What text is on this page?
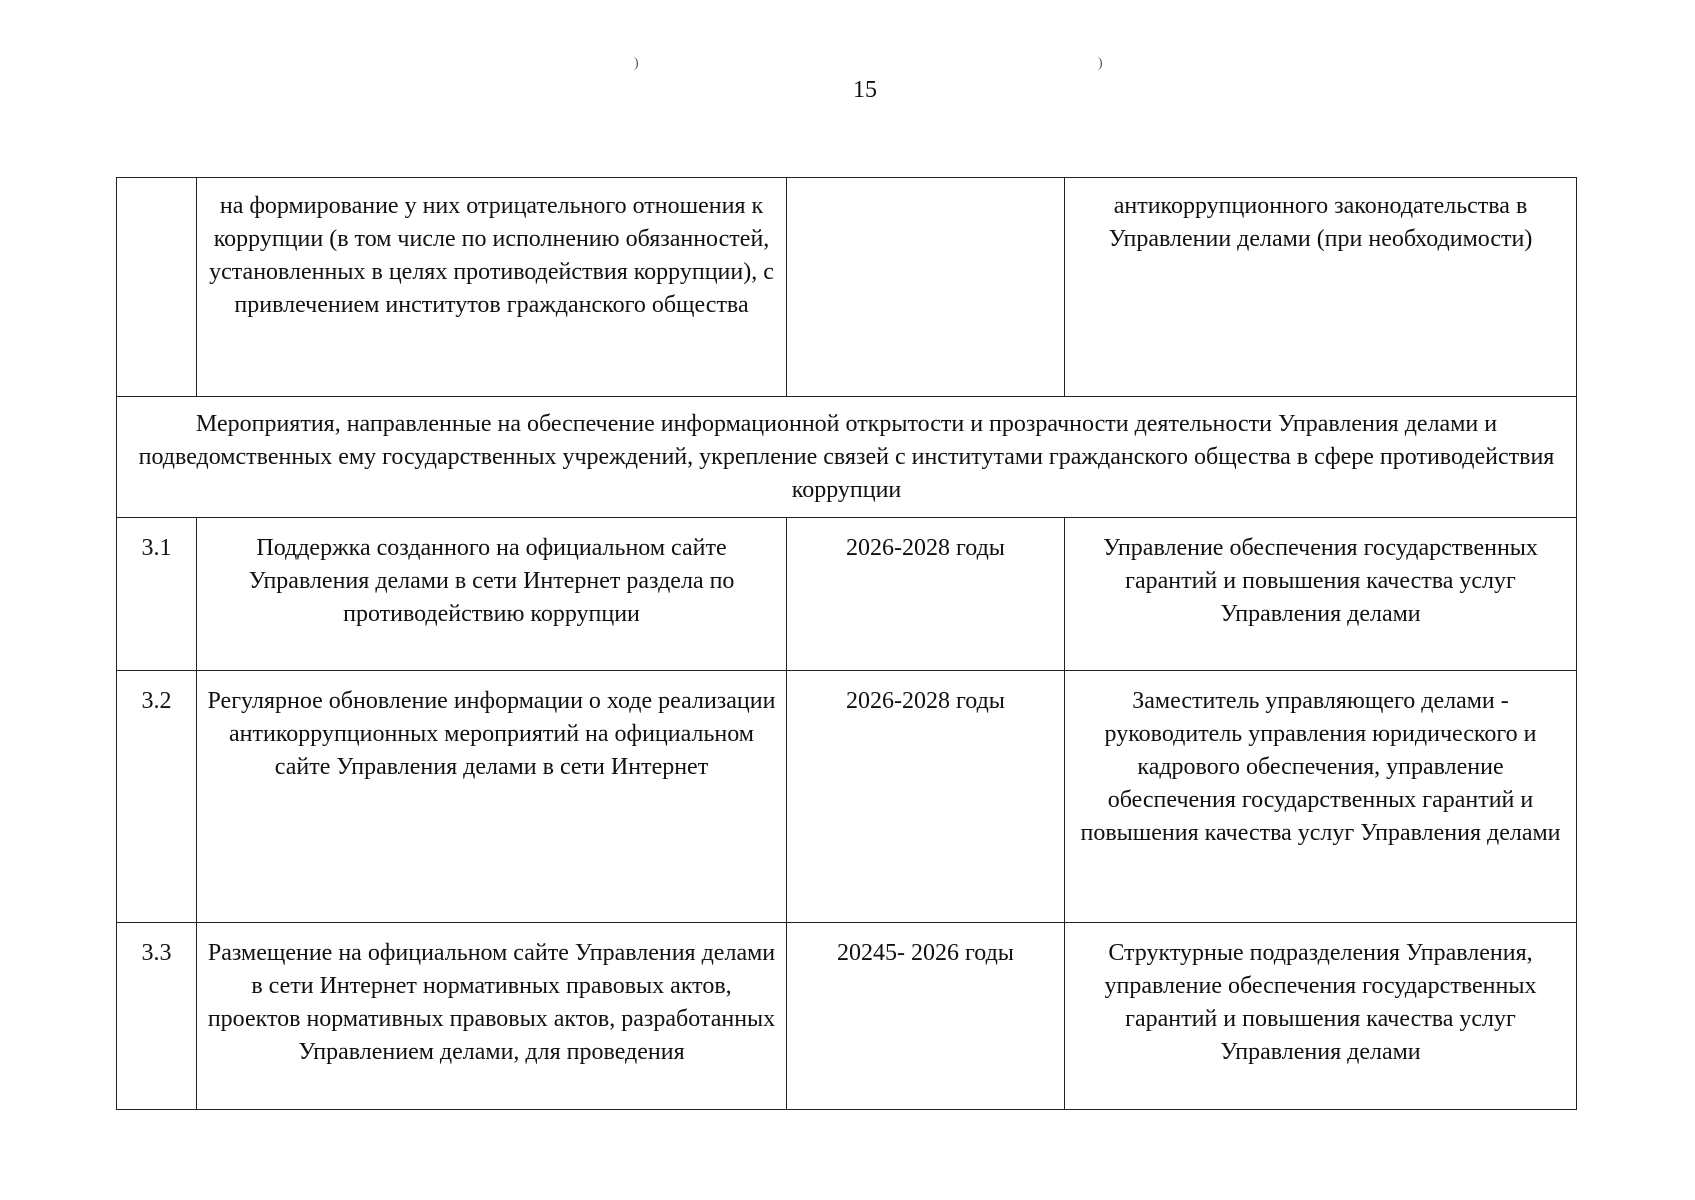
)	)
15
	на формирование у них отрицательного отношения к коррупции (в том числе по исполнению обязанностей, установленных в целях противодействия коррупции), с привлечением институтов гражданского общества		антикоррупционного законодательства в Управлении делами (при необходимости)
Мероприятия, направленные на обеспечение информационной открытости и прозрачности деятельности Управления делами и подведомственных ему государственных учреждений, укрепление связей с институтами гражданского общества в сфере противодействия коррупции			
3.1	Поддержка созданного на официальном сайте Управления делами в сети Интернет раздела по противодействию коррупции	2026-2028 годы	Управление обеспечения государственных гарантий и повышения качества услуг Управления делами
3.2	Регулярное обновление информации о ходе реализации антикоррупционных мероприятий на официальном сайте Управления делами в сети Интернет	2026-2028 годы	Заместитель управляющего делами - руководитель управления юридического и кадрового обеспечения, управление обеспечения государственных гарантий и повышения качества услуг Управления делами
3.3	Размещение на официальном сайте Управления делами в сети Интернет нормативных правовых актов, проектов нормативных правовых актов, разработанных Управлением делами, для проведения	20245- 2026 годы	Структурные подразделения Управления, управление обеспечения государственных гарантий и повышения качества услуг Управления делами
